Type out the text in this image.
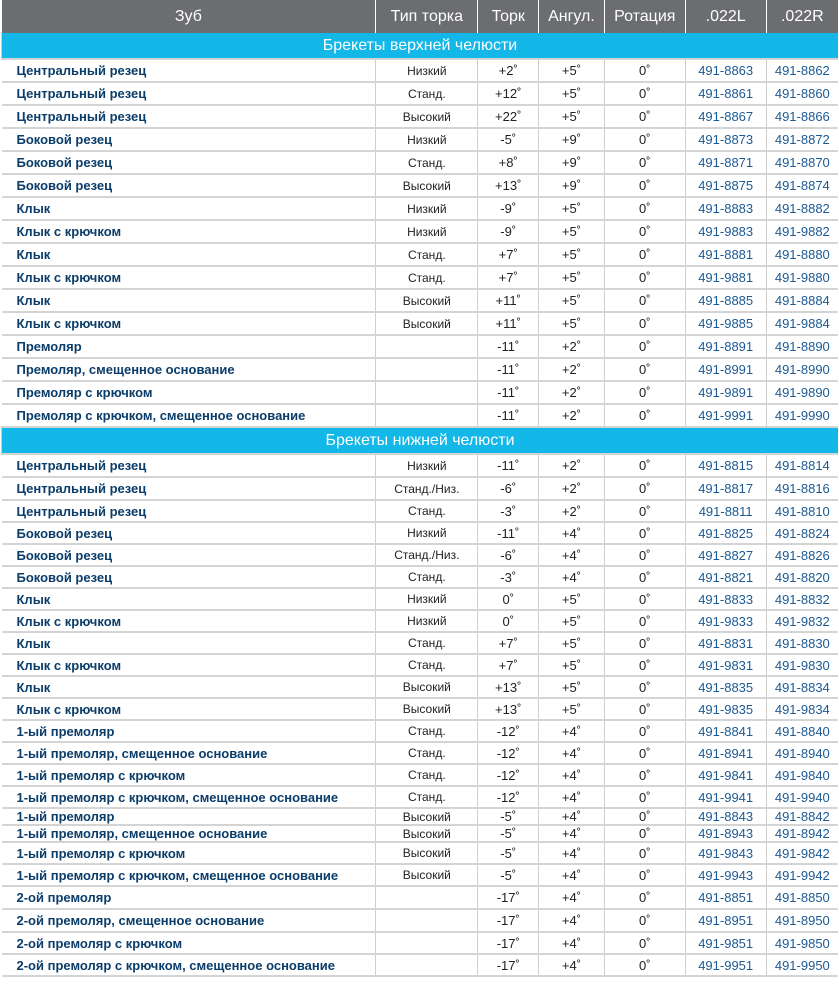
Зуб	Тип торка	Торк	Ангул.	Ротация	.022L	.022R
Брекеты верхней челюсти						
Центральный резец	Низкий	+2˚	+5˚	0˚	491-8863	491-8862
Центральный резец	Станд.	+12˚	+5˚	0˚	491-8861	491-8860
Центральный резец	Высокий	+22˚	+5˚	0˚	491-8867	491-8866
Боковой резец	Низкий	-5˚	+9˚	0˚	491-8873	491-8872
Боковой резец	Станд.	+8˚	+9˚	0˚	491-8871	491-8870
Боковой резец	Высокий	+13˚	+9˚	0˚	491-8875	491-8874
Клык	Низкий	-9˚	+5˚	0˚	491-8883	491-8882
Клык с крючком	Низкий	-9˚	+5˚	0˚	491-9883	491-9882
Клык	Станд.	+7˚	+5˚	0˚	491-8881	491-8880
Клык с крючком	Станд.	+7˚	+5˚	0˚	491-9881	491-9880
Клык	Высокий	+11˚	+5˚	0˚	491-8885	491-8884
Клык с крючком	Высокий	+11˚	+5˚	0˚	491-9885	491-9884
Премоляр		-11˚	+2˚	0˚	491-8891	491-8890
Премоляр, смещенное основание		-11˚	+2˚	0˚	491-8991	491-8990
Премоляр с крючком		-11˚	+2˚	0˚	491-9891	491-9890
Премоляр с крючком, смещенное основание		-11˚	+2˚	0˚	491-9991	491-9990
Брекеты нижней челюсти						
Центральный резец	Низкий	-11˚	+2˚	0˚	491-8815	491-8814
Центральный резец	Станд./Низ.	-6˚	+2˚	0˚	491-8817	491-8816
Центральный резец	Станд.	-3˚	+2˚	0˚	491-8811	491-8810
Боковой резец	Низкий	-11˚	+4˚	0˚	491-8825	491-8824
Боковой резец	Станд./Низ.	-6˚	+4˚	0˚	491-8827	491-8826
Боковой резец	Станд.	-3˚	+4˚	0˚	491-8821	491-8820
Клык	Низкий	0˚	+5˚	0˚	491-8833	491-8832
Клык с крючком	Низкий	0˚	+5˚	0˚	491-9833	491-9832
Клык	Станд.	+7˚	+5˚	0˚	491-8831	491-8830
Клык с крючком	Станд.	+7˚	+5˚	0˚	491-9831	491-9830
Клык	Высокий	+13˚	+5˚	0˚	491-8835	491-8834
Клык с крючком	Высокий	+13˚	+5˚	0˚	491-9835	491-9834
1-ый премоляр	Станд.	-12˚	+4˚	0˚	491-8841	491-8840
1-ый премоляр, смещенное основание	Станд.	-12˚	+4˚	0˚	491-8941	491-8940
1-ый премоляр с крючком	Станд.	-12˚	+4˚	0˚	491-9841	491-9840
1-ый премоляр с крючком, смещенное основание	Станд.	-12˚	+4˚	0˚	491-9941	491-9940
1-ый премоляр	Высокий	-5˚	+4˚	0˚	491-8843	491-8842
1-ый премоляр, смещенное основание	Высокий	-5˚	+4˚	0˚	491-8943	491-8942
1-ый премоляр с крючком	Высокий	-5˚	+4˚	0˚	491-9843	491-9842
1-ый премоляр с крючком, смещенное основание	Высокий	-5˚	+4˚	0˚	491-9943	491-9942
2-ой премоляр		-17˚	+4˚	0˚	491-8851	491-8850
2-ой премоляр, смещенное основание		-17˚	+4˚	0˚	491-8951	491-8950
2-ой премоляр с крючком		-17˚	+4˚	0˚	491-9851	491-9850
2-ой премоляр с крючком, смещенное основание		-17˚	+4˚	0˚	491-9951	491-9950
